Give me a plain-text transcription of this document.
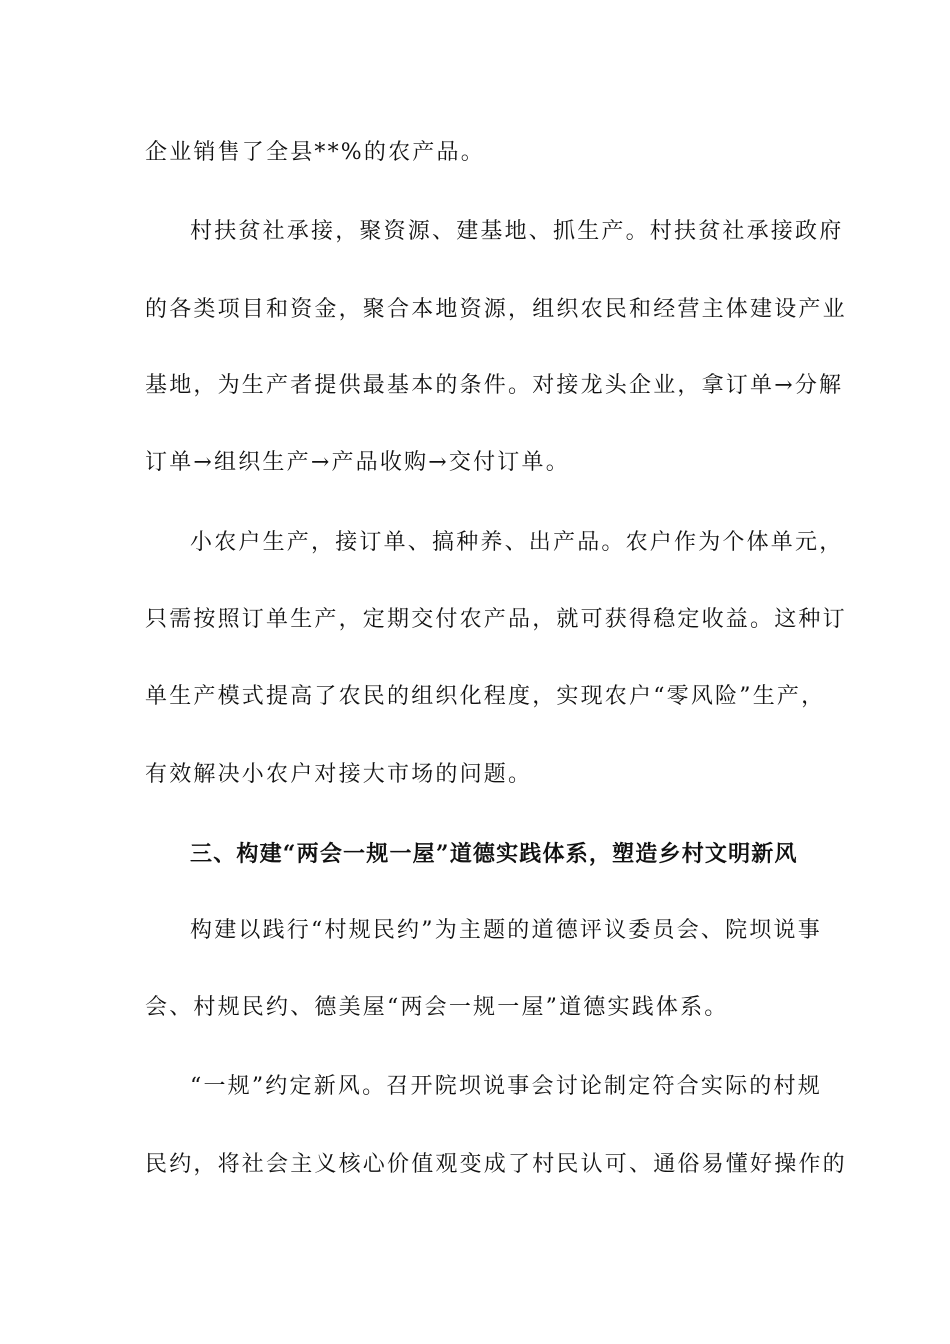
企业销售了全县**%的农产品。
村扶贫社承接，聚资源、建基地、抓生产。村扶贫社承接政府
的各类项目和资金，聚合本地资源，组织农民和经营主体建设产业
基地，为生产者提供最基本的条件。对接龙头企业，拿订单→分解
订单→组织生产→产品收购→交付订单。
小农户生产，接订单、搞种养、出产品。农户作为个体单元，
只需按照订单生产，定期交付农产品，就可获得稳定收益。这种订
单生产模式提高了农民的组织化程度，实现农户“零风险”生产，
有效解决小农户对接大市场的问题。
三、构建“两会一规一屋”道德实践体系，塑造乡村文明新风
构建以践行“村规民约”为主题的道德评议委员会、院坝说事
会、村规民约、德美屋“两会一规一屋”道德实践体系。
“一规”约定新风。召开院坝说事会讨论制定符合实际的村规
民约，将社会主义核心价值观变成了村民认可、通俗易懂好操作的
